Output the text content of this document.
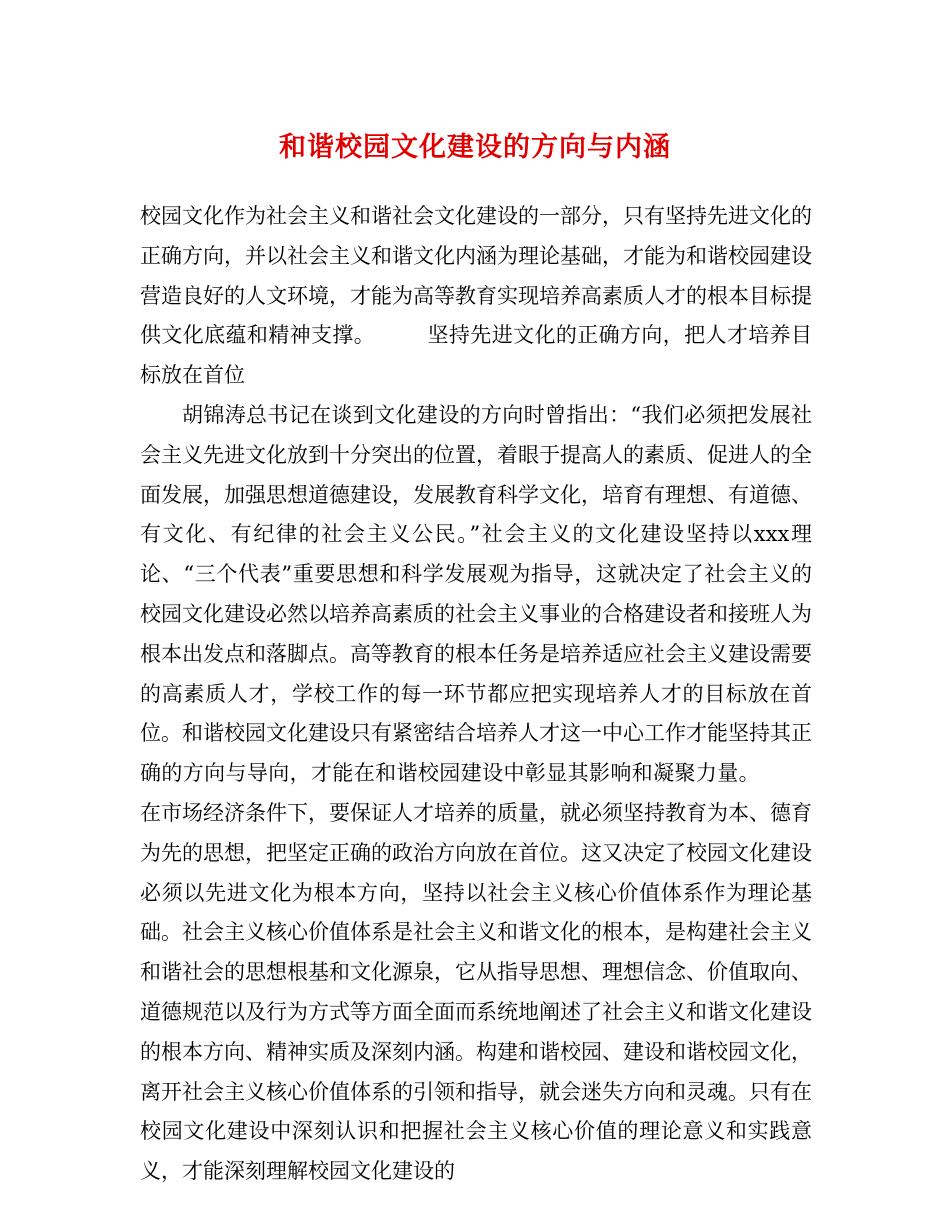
和谐校园文化建设的方向与内涵

校园文化作为社会主义和谐社会文化建设的一部分，只有坚持先进文化的正确方向，并以社会主义和谐文化内涵为理论基础，才能为和谐校园建设营造良好的人文环境，才能为高等教育实现培养高素质人才的根本目标提供文化底蕴和精神支撑。 坚持先进文化的正确方向，把人才培养目标放在首位

胡锦涛总书记在谈到文化建设的方向时曾指出：“我们必须把发展社会主义先进文化放到十分突出的位置，着眼于提高人的素质、促进人的全面发展，加强思想道德建设，发展教育科学文化，培育有理想、有道德、有文化、有纪律的社会主义公民。”社会主义的文化建设坚持以xxx理论、“三个代表”重要思想和科学发展观为指导，这就决定了社会主义的校园文化建设必然以培养高素质的社会主义事业的合格建设者和接班人为根本出发点和落脚点。高等教育的根本任务是培养适应社会主义建设需要的高素质人才，学校工作的每一环节都应把实现培养人才的目标放在首位。和谐校园文化建设只有紧密结合培养人才这一中心工作才能坚持其正确的方向与导向，才能在和谐校园建设中彰显其影响和凝聚力量。在市场经济条件下，要保证人才培养的质量，就必须坚持教育为本、德育为先的思想，把坚定正确的政治方向放在首位。这又决定了校园文化建设必须以先进文化为根本方向，坚持以社会主义核心价值体系作为理论基础。社会主义核心价值体系是社会主义和谐文化的根本，是构建社会主义和谐社会的思想根基和文化源泉，它从指导思想、理想信念、价值取向、道德规范以及行为方式等方面全面而系统地阐述了社会主义和谐文化建设的根本方向、精神实质及深刻内涵。构建和谐校园、建设和谐校园文化，离开社会主义核心价值体系的引领和指导，就会迷失方向和灵魂。只有在校园文化建设中深刻认识和把握社会主义核心价值的理论意义和实践意义，才能深刻理解校园文化建设的
